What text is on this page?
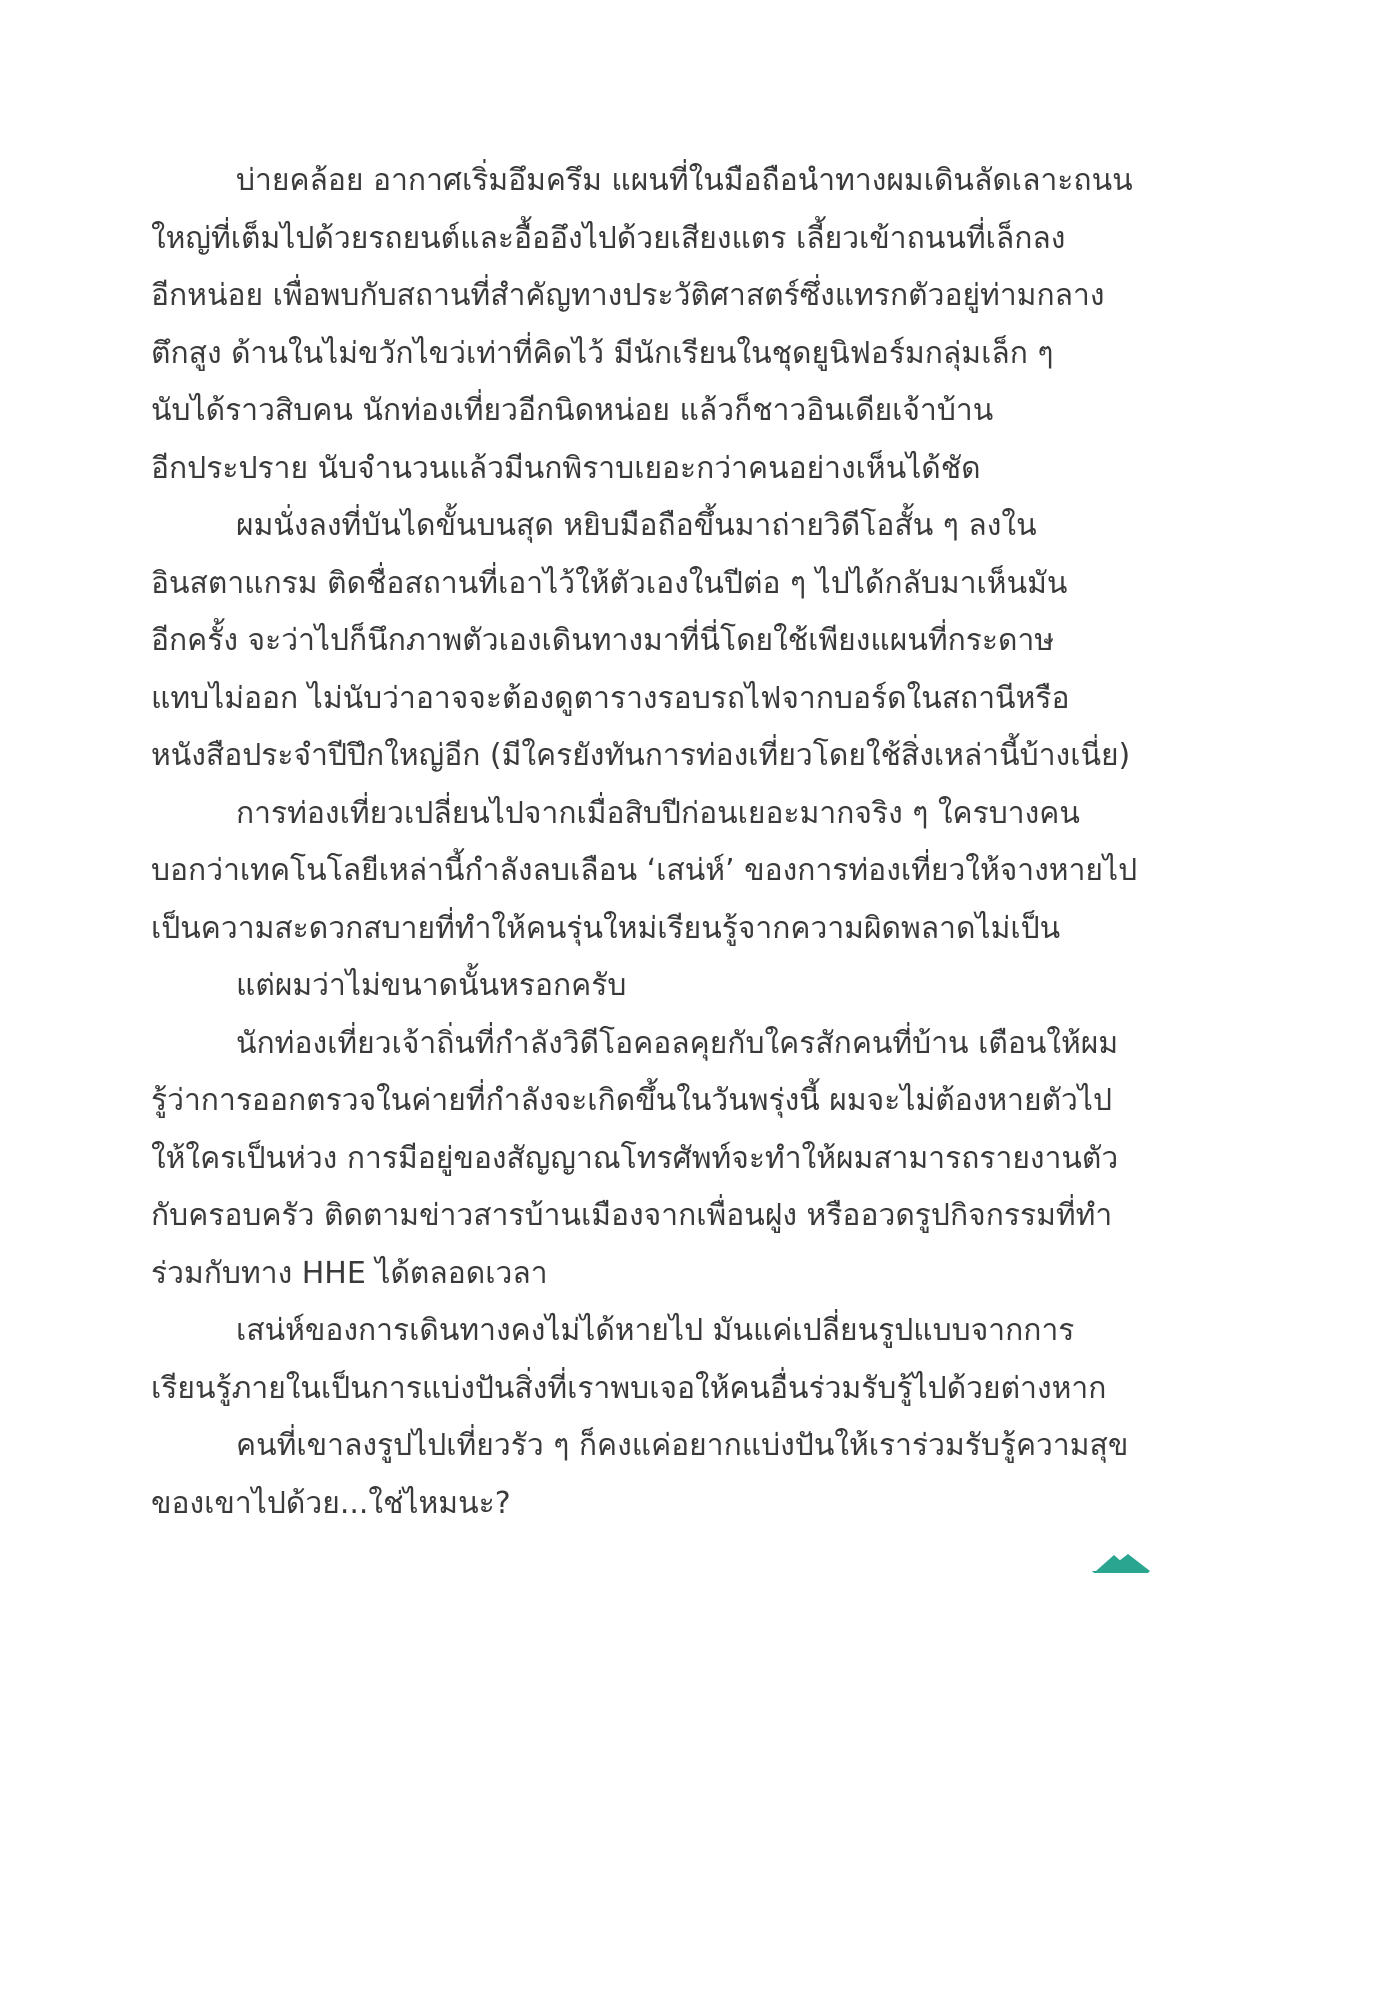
บ่ายคล้อย อากาศเริ่มอึมครึม แผนที่ในมือถือนำทางผมเดินลัดเลาะถนน
ใหญ่ที่เต็มไปด้วยรถยนต์และอื้ออึงไปด้วยเสียงแตร เลี้ยวเข้าถนนที่เล็กลง
อีกหน่อย เพื่อพบกับสถานที่สำคัญทางประวัติศาสตร์ซึ่งแทรกตัวอยู่ท่ามกลาง
ตึกสูง ด้านในไม่ขวักไขว่เท่าที่คิดไว้ มีนักเรียนในชุดยูนิฟอร์มกลุ่มเล็ก ๆ
นับได้ราวสิบคน นักท่องเที่ยวอีกนิดหน่อย แล้วก็ชาวอินเดียเจ้าบ้าน
อีกประปราย นับจำนวนแล้วมีนกพิราบเยอะกว่าคนอย่างเห็นได้ชัด
ผมนั่งลงที่บันไดขั้นบนสุด หยิบมือถือขึ้นมาถ่ายวิดีโอสั้น ๆ ลงใน
อินสตาแกรม ติดชื่อสถานที่เอาไว้ให้ตัวเองในปีต่อ ๆ ไปได้กลับมาเห็นมัน
อีกครั้ง จะว่าไปก็นึกภาพตัวเองเดินทางมาที่นี่โดยใช้เพียงแผนที่กระดาษ
แทบไม่ออก ไม่นับว่าอาจจะต้องดูตารางรอบรถไฟจากบอร์ดในสถานีหรือ
หนังสือประจำปีปึกใหญ่อีก (มีใครยังทันการท่องเที่ยวโดยใช้สิ่งเหล่านี้บ้างเนี่ย)
การท่องเที่ยวเปลี่ยนไปจากเมื่อสิบปีก่อนเยอะมากจริง ๆ ใครบางคน
บอกว่าเทคโนโลยีเหล่านี้กำลังลบเลือน ‘เสน่ห์’ ของการท่องเที่ยวให้จางหายไป
เป็นความสะดวกสบายที่ทำให้คนรุ่นใหม่เรียนรู้จากความผิดพลาดไม่เป็น
แต่ผมว่าไม่ขนาดนั้นหรอกครับ
นักท่องเที่ยวเจ้าถิ่นที่กำลังวิดีโอคอลคุยกับใครสักคนที่บ้าน เตือนให้ผม
รู้ว่าการออกตรวจในค่ายที่กำลังจะเกิดขึ้นในวันพรุ่งนี้ ผมจะไม่ต้องหายตัวไป
ให้ใครเป็นห่วง การมีอยู่ของสัญญาณโทรศัพท์จะทำให้ผมสามารถรายงานตัว
กับครอบครัว ติดตามข่าวสารบ้านเมืองจากเพื่อนฝูง หรืออวดรูปกิจกรรมที่ทำ
ร่วมกับทาง HHE ได้ตลอดเวลา
เสน่ห์ของการเดินทางคงไม่ได้หายไป มันแค่เปลี่ยนรูปแบบจากการ
เรียนรู้ภายในเป็นการแบ่งปันสิ่งที่เราพบเจอให้คนอื่นร่วมรับรู้ไปด้วยต่างหาก
คนที่เขาลงรูปไปเที่ยวรัว ๆ ก็คงแค่อยากแบ่งปันให้เราร่วมรับรู้ความสุข
ของเขาไปด้วย...ใช่ไหมนะ?
